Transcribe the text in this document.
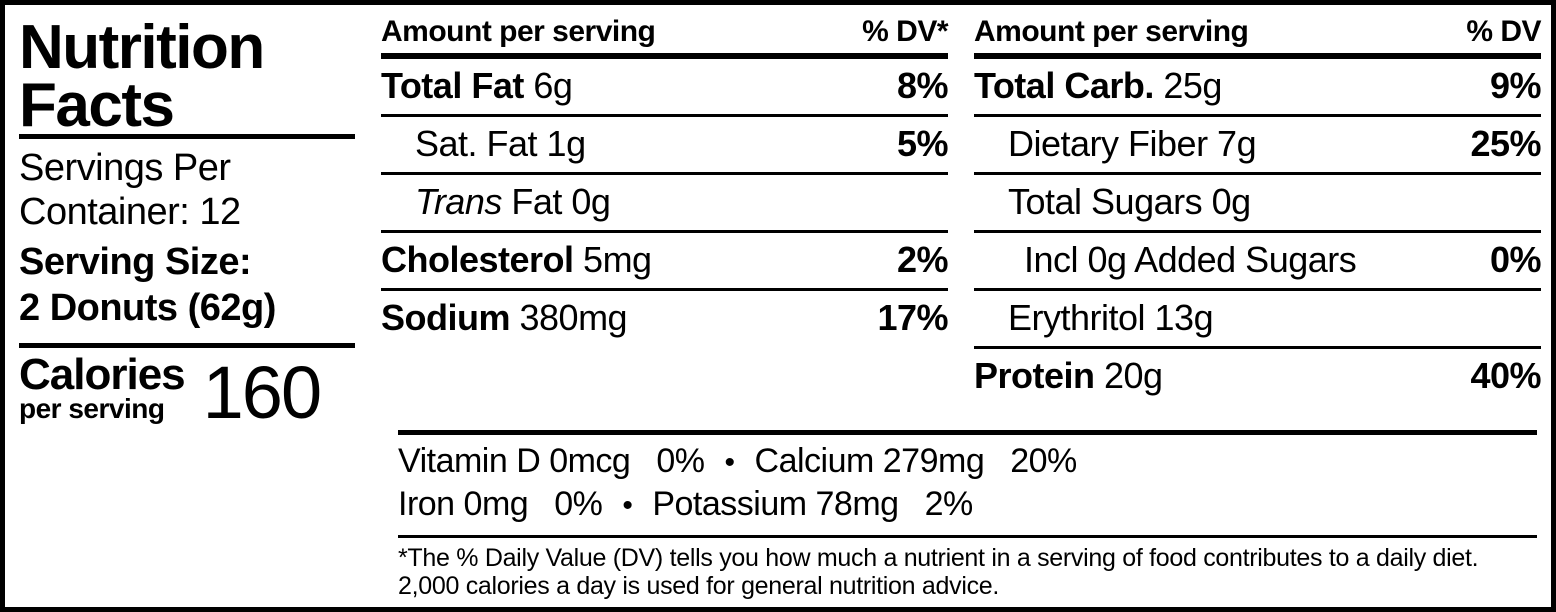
Nutrition
Facts
Servings Per Container: 12
Serving Size:
2 Donuts (62g)
Calories
per serving 160
Amount per serving	% DV*
Total Fat 6g	8%
Sat. Fat 1g	5%
Trans Fat 0g
Cholesterol 5mg	2%
Sodium 380mg	17%
Amount per serving	% DV
Total Carb. 25g	9%
Dietary Fiber 7g	25%
Total Sugars 0g
Incl 0g Added Sugars	0%
Erythritol 13g
Protein 20g	40%
Vitamin D 0mcg 0% • Calcium 279mg 20%
Iron 0mg 0% • Potassium 78mg 2%
*The % Daily Value (DV) tells you how much a nutrient in a serving of food contributes to a daily diet.
2,000 calories a day is used for general nutrition advice.
